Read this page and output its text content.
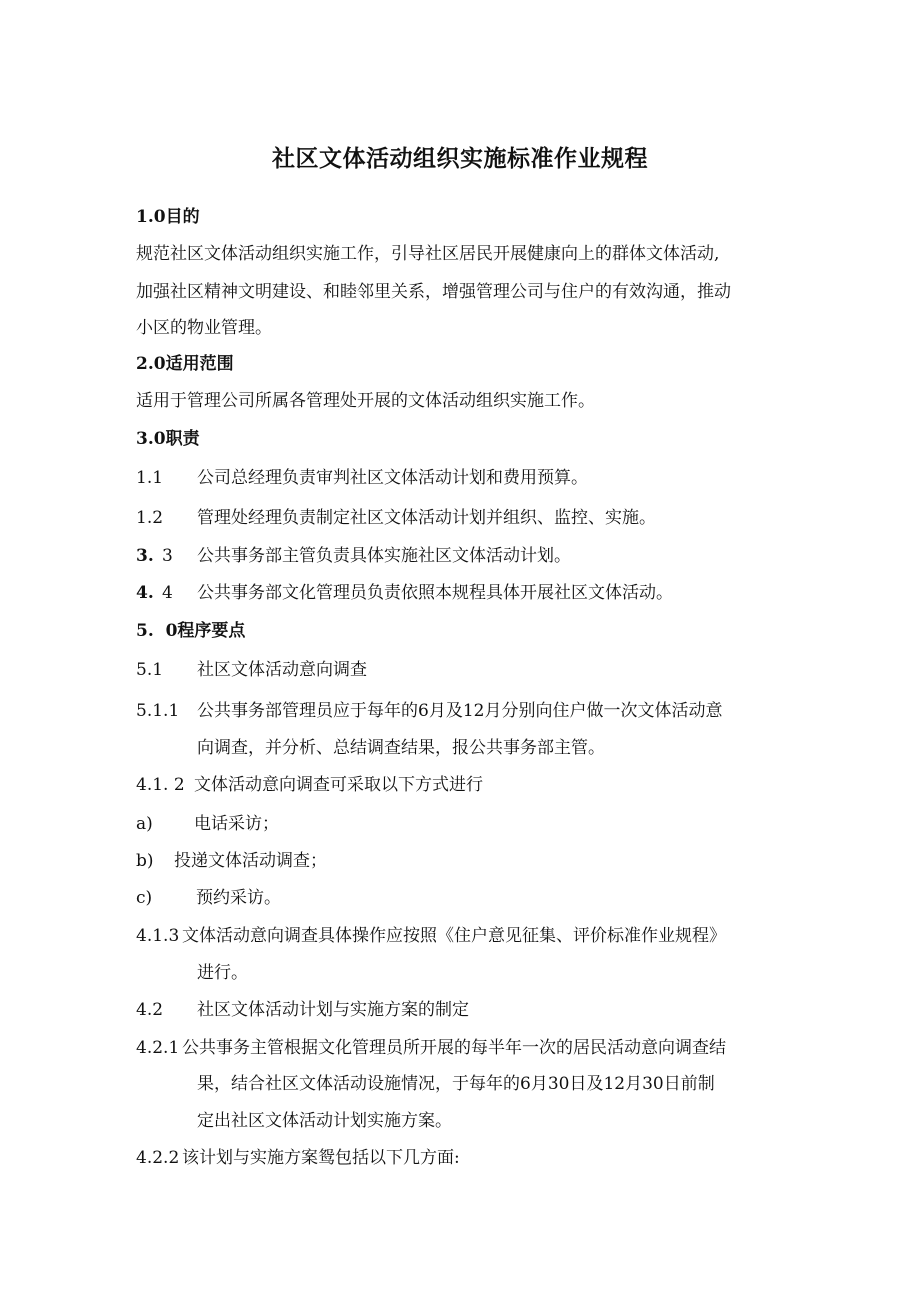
社区文体活动组织实施标准作业规程
1.0目的
规范社区文体活动组织实施工作，引导社区居民开展健康向上的群体文体活动,
加强社区精神文明建设、和睦邻里关系，增强管理公司与住户的有效沟通，推动
小区的物业管理。
2.0适用范围
适用于管理公司所属各管理处开展的文体活动组织实施工作。
3.0职责
1.1 公司总经理负责审判社区文体活动计划和费用预算。
1.2 管理处经理负责制定社区文体活动计划并组织、监控、实施。
3. 3 公共事务部主管负责具体实施社区文体活动计划。
4. 4 公共事务部文化管理员负责依照本规程具体开展社区文体活动。
5.  0程序要点
5.1 社区文体活动意向调查
5.1.1 公共事务部管理员应于每年的6月及12月分别向住户做一次文体活动意
向调查，并分析、总结调查结果，报公共事务部主管。
4.1. 2 文体活动意向调查可采取以下方式进行
a) 电话采访；
b) 投递文体活动调查；
c)	预约采访。
4.1.3 文体活动意向调查具体操作应按照《住户意见征集、评价标准作业规程》
进行。
4.2 社区文体活动计划与实施方案的制定
4.2.1 公共事务主管根据文化管理员所开展的每半年一次的居民活动意向调查结
果，结合社区文体活动设施情况，于每年的6月30日及12月30日前制
定出社区文体活动计划实施方案。
4.2.2 该计划与实施方案鸳包括以下几方面:
